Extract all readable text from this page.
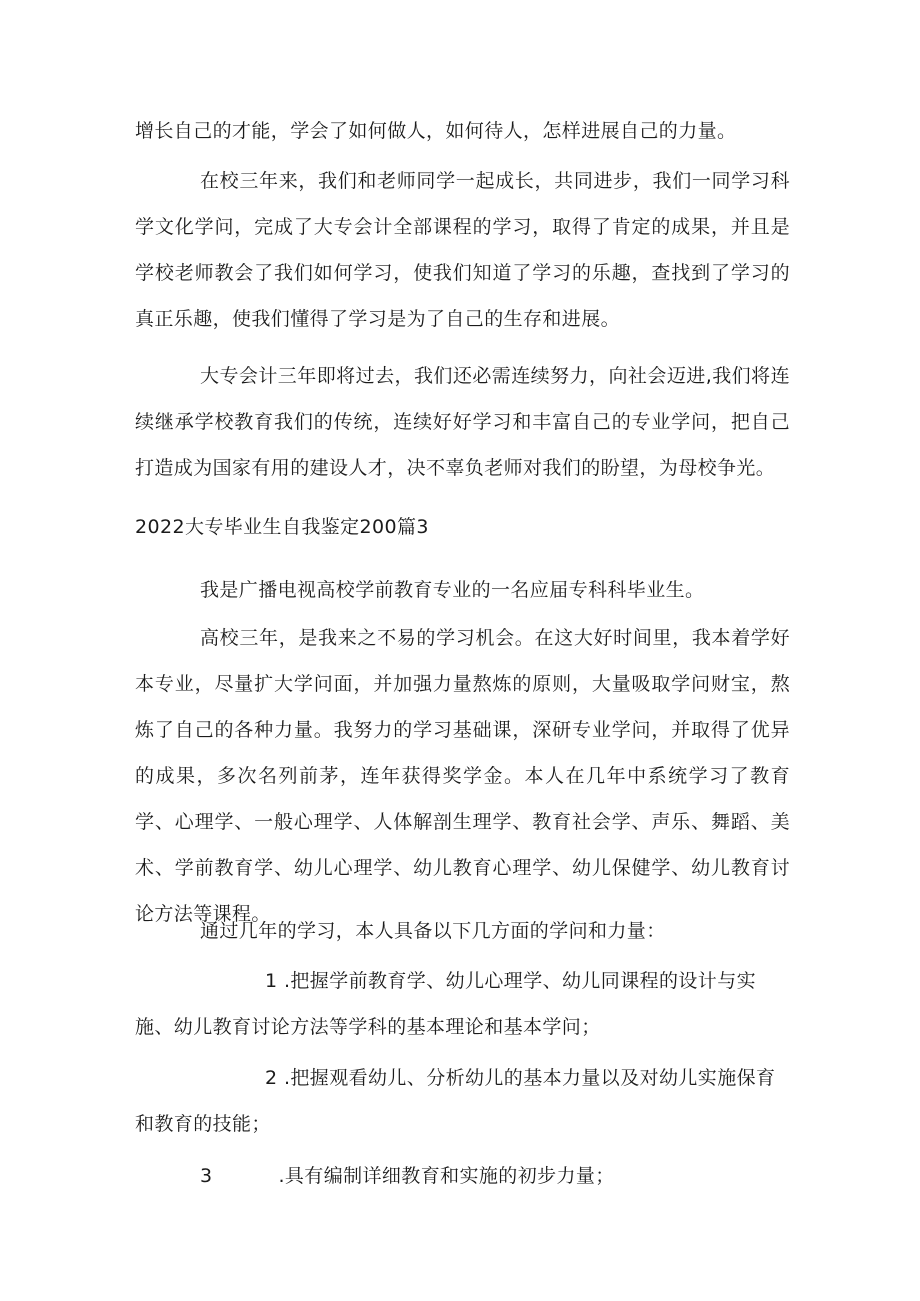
增长自己的才能，学会了如何做人，如何待人，怎样进展自己的力量。

在校三年来，我们和老师同学一起成长，共同进步，我们一同学习科学文化学问，完成了大专会计全部课程的学习，取得了肯定的成果，并且是学校老师教会了我们如何学习，使我们知道了学习的乐趣，查找到了学习的真正乐趣，使我们懂得了学习是为了自己的生存和进展。

大专会计三年即将过去，我们还必需连续努力，向社会迈进,我们将连续继承学校教育我们的传统，连续好好学习和丰富自己的专业学问，把自己打造成为国家有用的建设人才，决不辜负老师对我们的盼望，为母校争光。

2022大专毕业生自我鉴定200篇3

我是广播电视高校学前教育专业的一名应届专科科毕业生。

高校三年，是我来之不易的学习机会。在这大好时间里，我本着学好本专业，尽量扩大学问面，并加强力量熬炼的原则，大量吸取学问财宝，熬炼了自己的各种力量。我努力的学习基础课，深研专业学问，并取得了优异的成果，多次名列前茅，连年获得奖学金。本人在几年中系统学习了教育学、心理学、一般心理学、人体解剖生理学、教育社会学、声乐、舞蹈、美术、学前教育学、幼儿心理学、幼儿教育心理学、幼儿保健学、幼儿教育讨论方法等课程。

通过几年的学习，本人具备以下几方面的学问和力量：

1 .把握学前教育学、幼儿心理学、幼儿同课程的设计与实施、幼儿教育讨论方法等学科的基本理论和基本学问；

2 .把握观看幼儿、分析幼儿的基本力量以及对幼儿实施保育和教育的技能；

3	.具有编制详细教育和实施的初步力量；
